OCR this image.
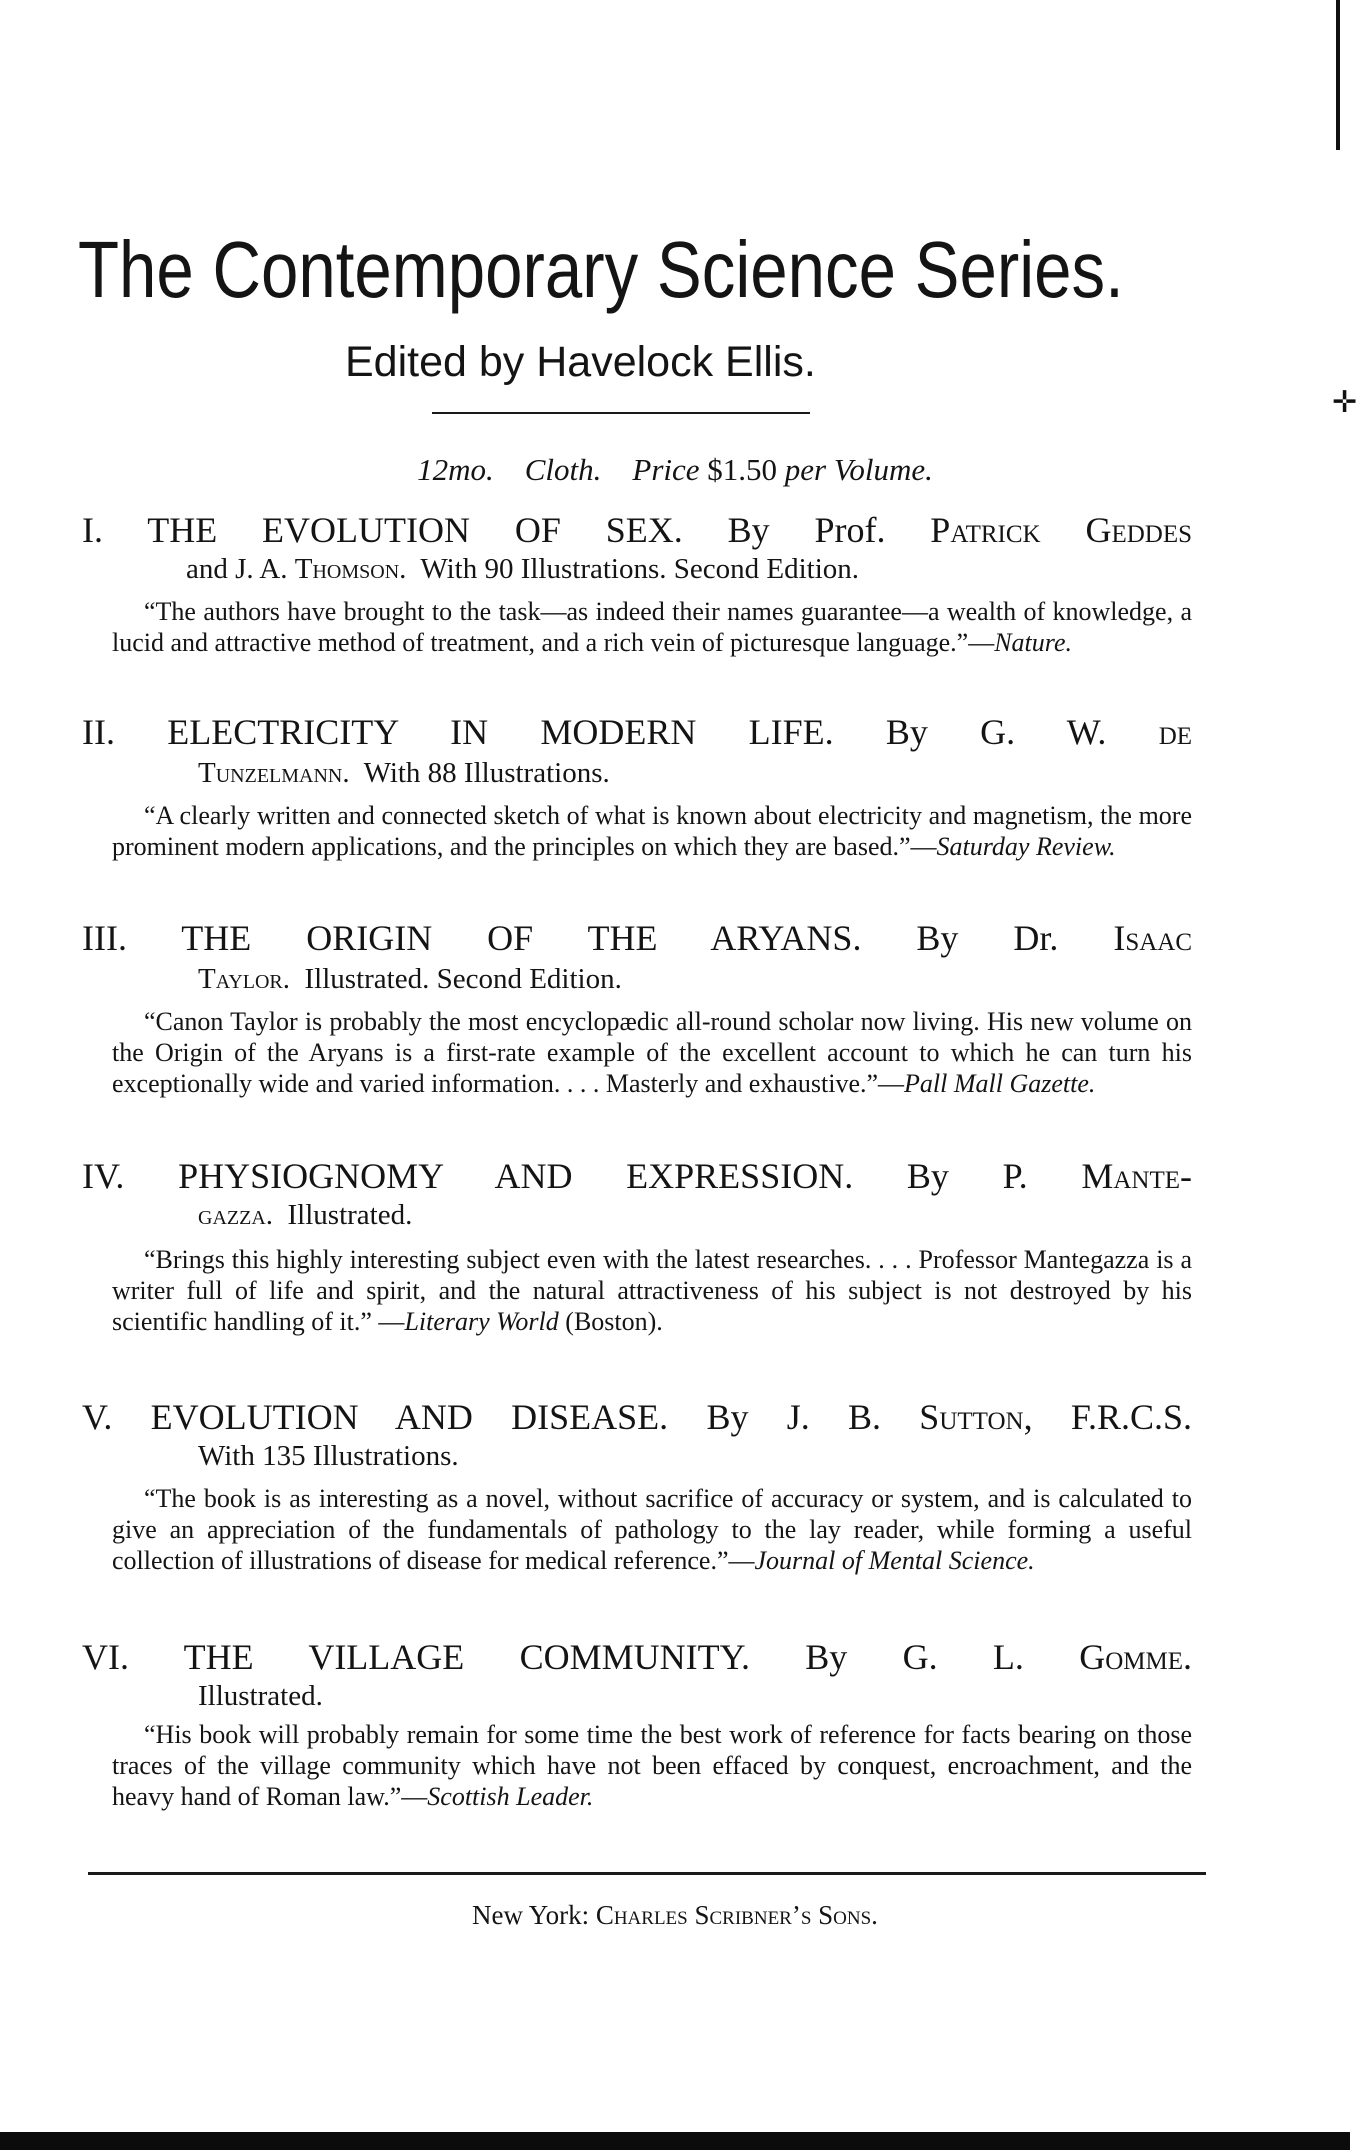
✛
The Contemporary Science Series.
Edited by Havelock Ellis.
12mo. Cloth. Price $1.50 per Volume.

I. THE EVOLUTION OF SEX. By Prof. Patrick Geddes

and J. A. Thomson. With 90 Illustrations. Second Edition.

“The authors have brought to the task—as indeed their names guarantee—a wealth of knowledge, a lucid and attractive method of treatment, and a rich vein of picturesque language.”—Nature.

II. ELECTRICITY IN MODERN LIFE. By G. W. de

Tunzelmann. With 88 Illustrations.

“A clearly written and connected sketch of what is known about electricity and magnetism, the more prominent modern applications, and the principles on which they are based.”—Saturday Review.

III. THE ORIGIN OF THE ARYANS. By Dr. Isaac

Taylor. Illustrated. Second Edition.

“Canon Taylor is probably the most encyclopædic all-round scholar now living. His new volume on the Origin of the Aryans is a first-rate example of the excellent account to which he can turn his exceptionally wide and varied information. . . . Masterly and exhaustive.”—Pall Mall Gazette.

IV. PHYSIOGNOMY AND EXPRESSION. By P. Mante-

gazza. Illustrated.

“Brings this highly interesting subject even with the latest researches. . . . Professor Mantegazza is a writer full of life and spirit, and the natural attractiveness of his subject is not destroyed by his scientific handling of it.” —Literary World (Boston).

V. EVOLUTION AND DISEASE. By J. B. Sutton, F.R.C.S.

With 135 Illustrations.

“The book is as interesting as a novel, without sacrifice of accuracy or system, and is calculated to give an appreciation of the fundamentals of pathology to the lay reader, while forming a useful collection of illustrations of disease for medical reference.”—Journal of Mental Science.

VI. THE VILLAGE COMMUNITY. By G. L. Gomme.

Illustrated.

“His book will probably remain for some time the best work of reference for facts bearing on those traces of the village community which have not been effaced by conquest, encroachment, and the heavy hand of Roman law.”—Scottish Leader.

New York: Charles Scribner’s Sons.
